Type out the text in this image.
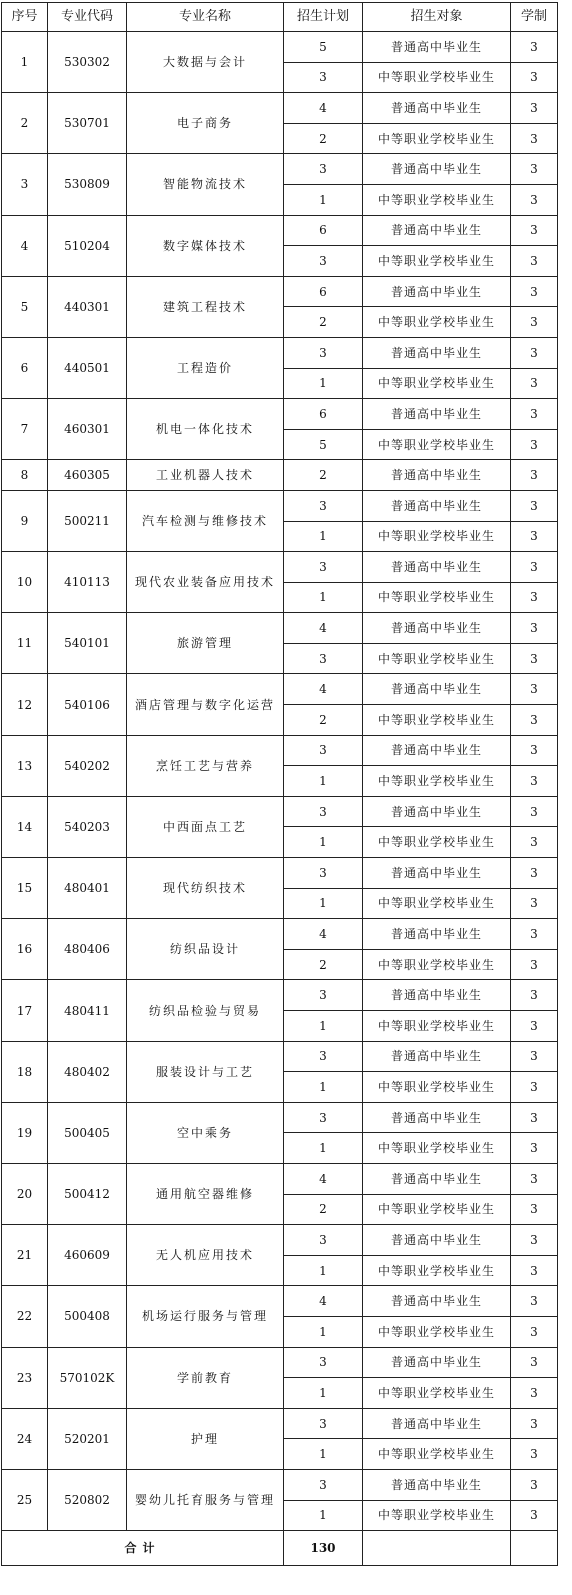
序号	专业代码	专业名称	招生计划	招生对象	学制
1	530302	大数据与会计	5	普通高中毕业生	3
			3	中等职业学校毕业生	3
2	530701	电子商务	4	普通高中毕业生	3
			2	中等职业学校毕业生	3
3	530809	智能物流技术	3	普通高中毕业生	3
			1	中等职业学校毕业生	3
4	510204	数字媒体技术	6	普通高中毕业生	3
			3	中等职业学校毕业生	3
5	440301	建筑工程技术	6	普通高中毕业生	3
			2	中等职业学校毕业生	3
6	440501	工程造价	3	普通高中毕业生	3
			1	中等职业学校毕业生	3
7	460301	机电一体化技术	6	普通高中毕业生	3
			5	中等职业学校毕业生	3
8	460305	工业机器人技术	2	普通高中毕业生	3
9	500211	汽车检测与维修技术	3	普通高中毕业生	3
			1	中等职业学校毕业生	3
10	410113	现代农业装备应用技术	3	普通高中毕业生	3
			1	中等职业学校毕业生	3
11	540101	旅游管理	4	普通高中毕业生	3
			3	中等职业学校毕业生	3
12	540106	酒店管理与数字化运营	4	普通高中毕业生	3
			2	中等职业学校毕业生	3
13	540202	烹饪工艺与营养	3	普通高中毕业生	3
			1	中等职业学校毕业生	3
14	540203	中西面点工艺	3	普通高中毕业生	3
			1	中等职业学校毕业生	3
15	480401	现代纺织技术	3	普通高中毕业生	3
			1	中等职业学校毕业生	3
16	480406	纺织品设计	4	普通高中毕业生	3
			2	中等职业学校毕业生	3
17	480411	纺织品检验与贸易	3	普通高中毕业生	3
			1	中等职业学校毕业生	3
18	480402	服装设计与工艺	3	普通高中毕业生	3
			1	中等职业学校毕业生	3
19	500405	空中乘务	3	普通高中毕业生	3
			1	中等职业学校毕业生	3
20	500412	通用航空器维修	4	普通高中毕业生	3
			2	中等职业学校毕业生	3
21	460609	无人机应用技术	3	普通高中毕业生	3
			1	中等职业学校毕业生	3
22	500408	机场运行服务与管理	4	普通高中毕业生	3
			1	中等职业学校毕业生	3
23	570102K	学前教育	3	普通高中毕业生	3
			1	中等职业学校毕业生	3
24	520201	护理	3	普通高中毕业生	3
			1	中等职业学校毕业生	3
25	520802	婴幼儿托育服务与管理	3	普通高中毕业生	3
			1	中等职业学校毕业生	3
合计			130		
